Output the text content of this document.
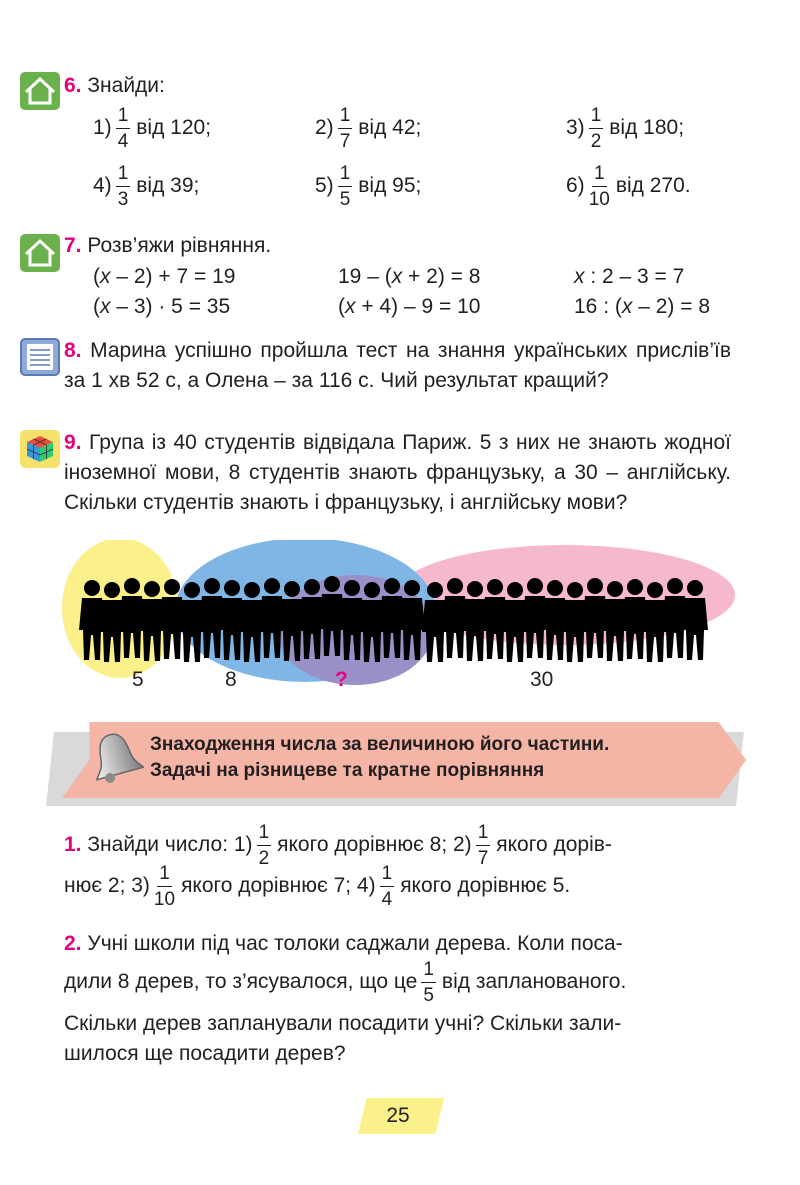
6. Знайди:
$1) \frac{1}{4}$ від 120;	$2) \frac{1}{7}$ від 42;	$3) \frac{1}{2}$ від 180;
$4) \frac{1}{3}$ від 39;	$5) \frac{1}{5}$ від 95;	$6) \frac{1}{10}$ від 270.
7. Розв’яжи рівняння.
(x – 2) + 7 = 19	19 – (x + 2) = 8	x : 2 – 3 = 7
(x – 3) · 5 = 35	(x + 4) – 9 = 10	16 : (x – 2) = 8
8. Марина успішно пройшла тест на знання українських прислів’їв за 1 хв 52 с, а Олена – за 116 с. Чий результат кращий?
9. Група із 40 студентів відвідала Париж. 5 з них не знають жодної іноземної мови, 8 студентів знають французьку, а 30 – англійську. Скільки студентів знають і французьку, і англійську мови?
5	8	?	30
Знаходження числа за величиною його частини.
Задачі на різницеве та кратне порівняння
1. Знайди число: $1) \frac{1}{2}$ якого дорівнює 8; $2) \frac{1}{7}$ якого дорів-
нює 2; $3) \frac{1}{10}$ якого дорівнює 7; $4) \frac{1}{4}$ якого дорівнює 5.
2. Учні школи під час толоки саджали дерева. Коли поса-
дили 8 дерев, то з’ясувалося, що це $\frac{1}{5}$ від запланованого.
Скільки дерев запланували посадити учні? Скільки зали-
шилося ще посадити дерев?
25
